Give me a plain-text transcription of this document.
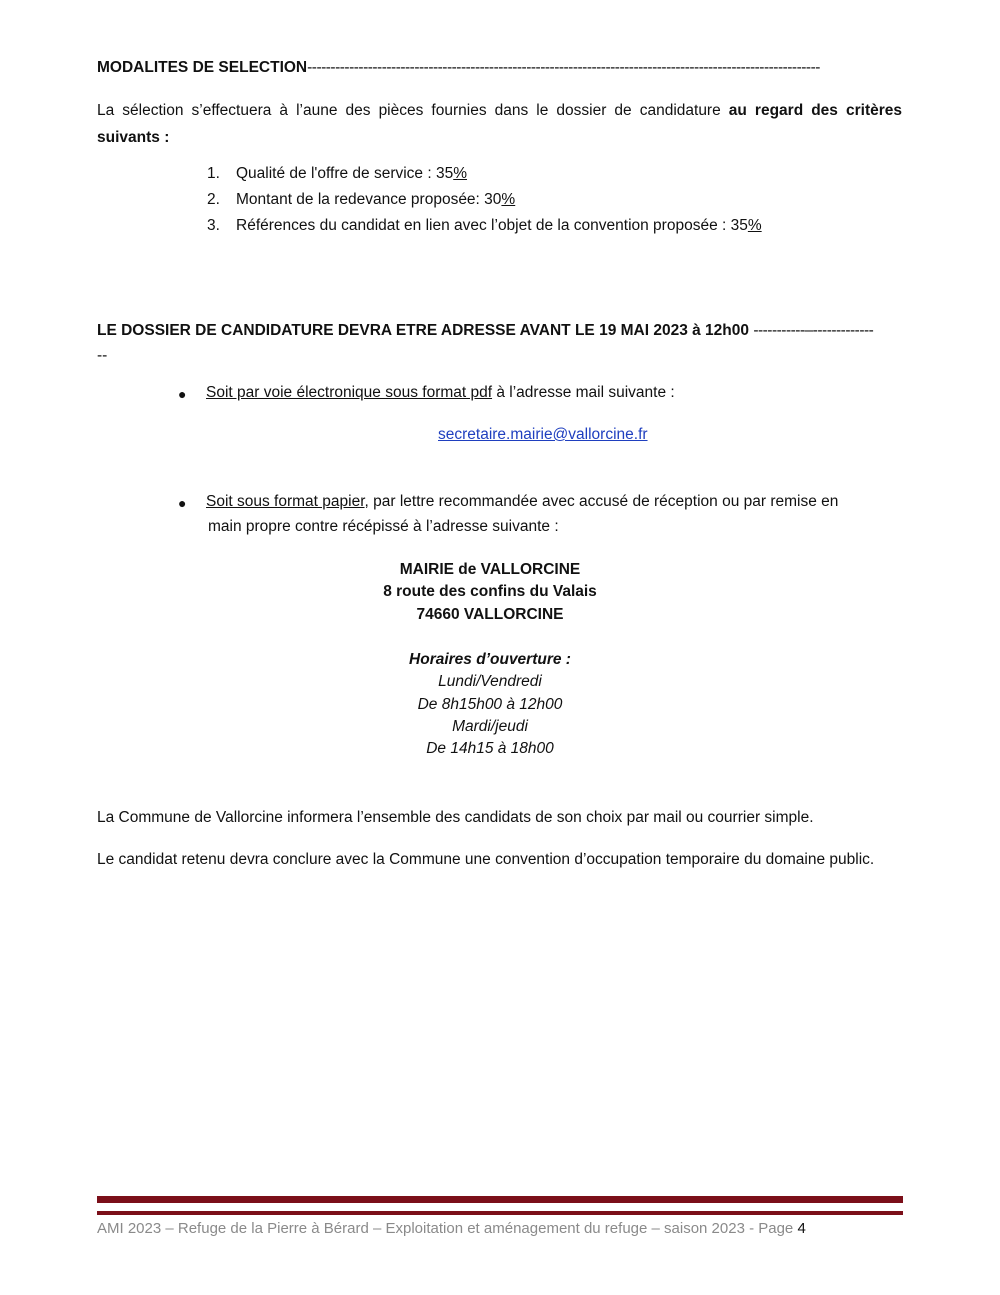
MODALITES DE SELECTION--------------------------------------------------------------------------------------------------------------
La sélection s’effectuera à l’aune des pièces fournies dans le dossier de candidature au regard des critères suivants :
1.	Qualité de l'offre de service : 35%
2.	Montant de la redevance proposée: 30%
3.	Références du candidat en lien avec l’objet de la convention proposée : 35%
LE DOSSIER DE CANDIDATURE DEVRA ETRE ADRESSE AVANT LE 19 MAI 2023 à 12h00 -----------–-------------
--
● Soit par voie électronique sous format pdf à l’adresse mail suivante :
secretaire.mairie@vallorcine.fr
● Soit sous format papier, par lettre recommandée avec accusé de réception ou par remise en
main propre contre récépissé à l’adresse suivante :
MAIRIE de VALLORCINE
8 route des confins du Valais
74660 VALLORCINE
Horaires d’ouverture :
Lundi/Vendredi
De 8h15h00 à 12h00
Mardi/jeudi
De 14h15 à 18h00
La Commune de Vallorcine informera l’ensemble des candidats de son choix par mail ou courrier simple.
Le candidat retenu devra conclure avec la Commune une convention d’occupation temporaire du domaine public.
AMI 2023 – Refuge de la Pierre à Bérard – Exploitation et aménagement du refuge – saison 2023 - Page 4
